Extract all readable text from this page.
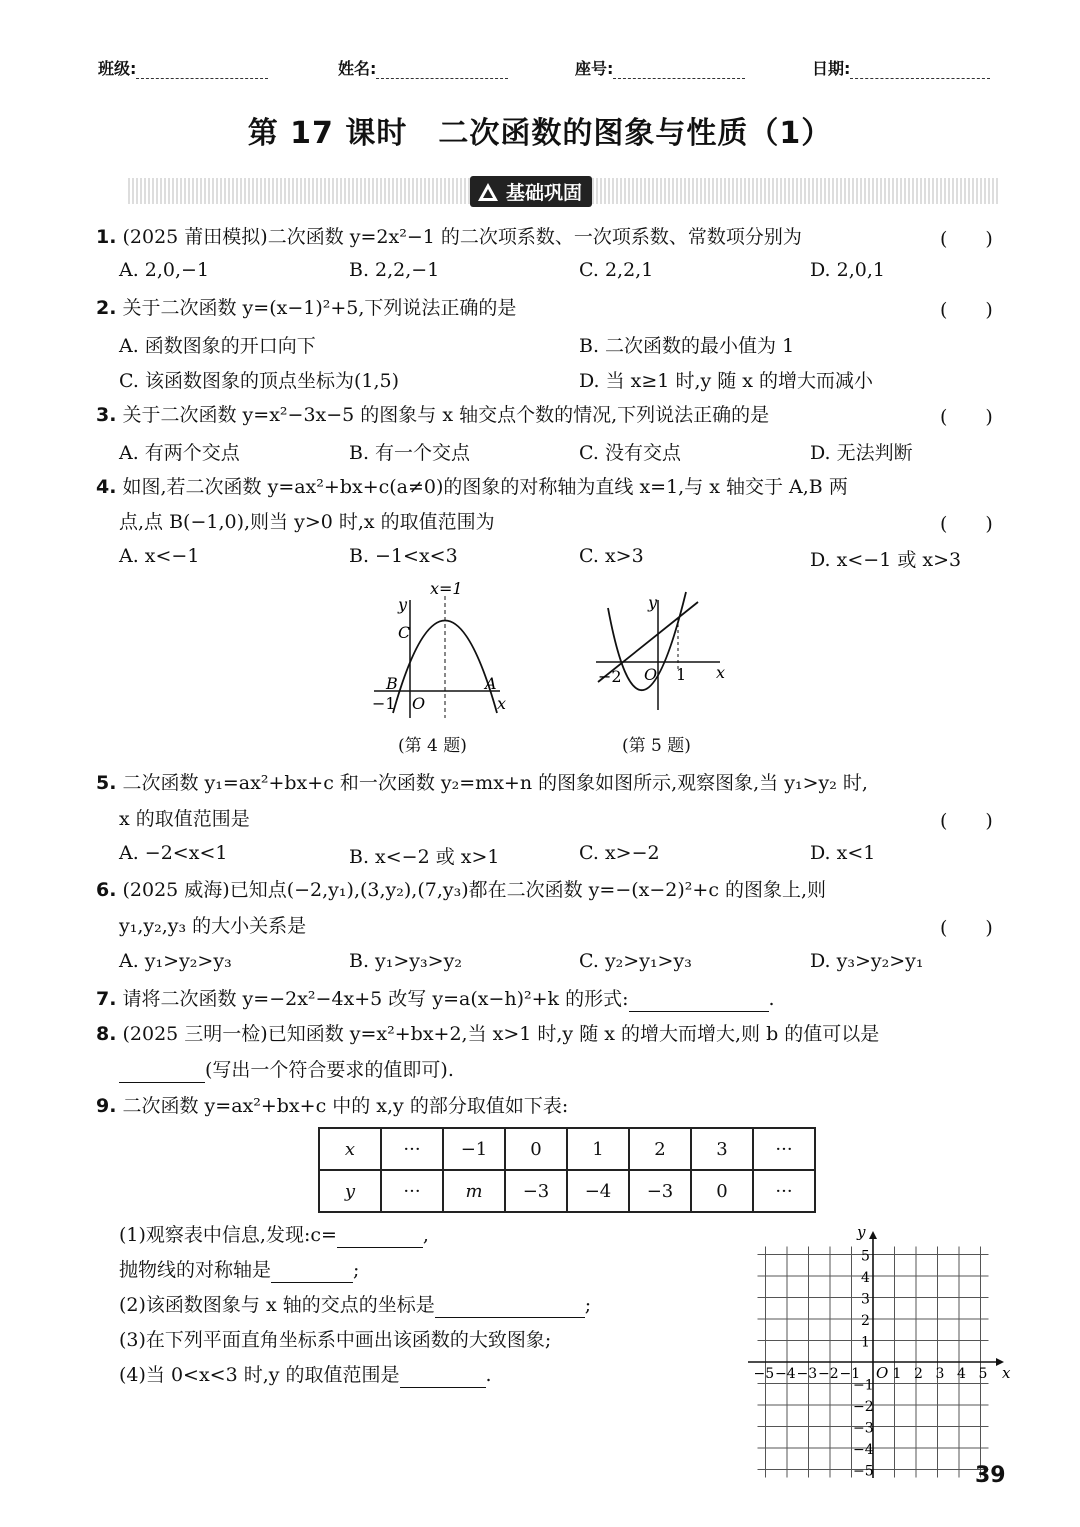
班级:	姓名:	座号:	日期:
第 17 课时　二次函数的图象与性质（1）
基础巩固
1. (2025 莆田模拟)二次函数 y=2x²−1 的二次项系数、一次项系数、常数项分别为	(　　)
A. 2,0,−1	B. 2,2,−1	C. 2,2,1	D. 2,0,1
2. 关于二次函数 y=(x−1)²+5,下列说法正确的是	(　　)
A. 函数图象的开口向下	B. 二次函数的最小值为 1
C. 该函数图象的顶点坐标为(1,5)	D. 当 x≥1 时,y 随 x 的增大而减小
3. 关于二次函数 y=x²−3x−5 的图象与 x 轴交点个数的情况,下列说法正确的是	(　　)
A. 有两个交点	B. 有一个交点	C. 没有交点	D. 无法判断
4. 如图,若二次函数 y=ax²+bx+c(a≠0)的图象的对称轴为直线 x=1,与 x 轴交于 A,B 两
点,点 B(−1,0),则当 y>0 时,x 的取值范围为	(　　)
A. x<−1	B. −1<x<3	C. x>3	D. x<−1 或 x>3
x=1
y
C
B	A
−1 O	x
(第 4 题)
y
x
−2 O 1
(第 5 题)
5. 二次函数 y₁=ax²+bx+c 和一次函数 y₂=mx+n 的图象如图所示,观察图象,当 y₁>y₂ 时,
x 的取值范围是	(　　)
A. −2<x<1	B. x<−2 或 x>1	C. x>−2	D. x<1
6. (2025 威海)已知点(−2,y₁),(3,y₂),(7,y₃)都在二次函数 y=−(x−2)²+c 的图象上,则
y₁,y₂,y₃ 的大小关系是	(　　)
A. y₁>y₂>y₃	B. y₁>y₃>y₂	C. y₂>y₁>y₃	D. y₃>y₂>y₁
7. 请将二次函数 y=−2x²−4x+5 改写 y=a(x−h)²+k 的形式:	.
8. (2025 三明一检)已知函数 y=x²+bx+2,当 x>1 时,y 随 x 的增大而增大,则 b 的值可以是
(写出一个符合要求的值即可).
9. 二次函数 y=ax²+bx+c 中的 x,y 的部分取值如下表:
x	···	−1	0	1	2	3	···
y	···	m	−3	−4	−3	0	···
(1)观察表中信息,发现:c=	,
抛物线的对称轴是	;
(2)该函数图象与 x 轴的交点的坐标是	;
(3)在下列平面直角坐标系中画出该函数的大致图象;
(4)当 0<x<3 时,y 的取值范围是	.	x
y
O
−5 −4 −3 −2 −1 1 2 3 4 5
5
4
3
2
1
−1
−2
−3
−4
−5	39
